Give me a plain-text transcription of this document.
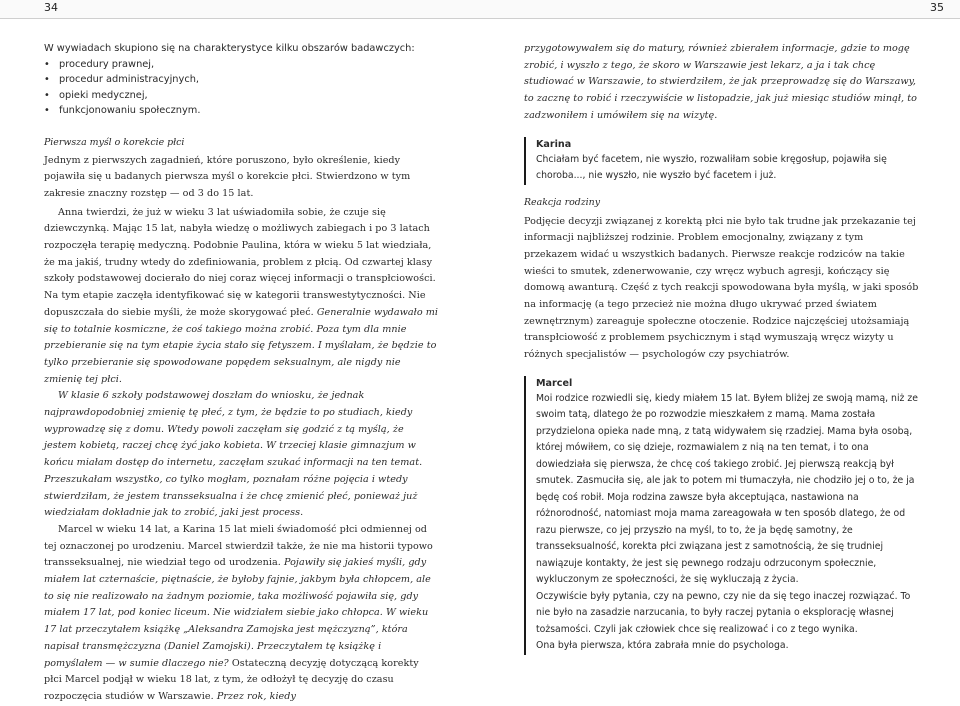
34	35

W wywiadach skupiono się na charakterystyce kilku obszarów badawczych:

• procedury prawnej,
• procedur administracyjnych,
• opieki medycznej,
• funkcjonowaniu społecznym.

Pierwsza myśl o korekcie płci

Jednym z pierwszych zagadnień, które poruszono, było określenie, kiedy pojawiła się u badanych pierwsza myśl o korekcie płci. Stwierdzono w tym zakresie znaczny rozstęp — od 3 do 15 lat.

Anna twierdzi, że już w wieku 3 lat uświadomiła sobie, że czuje się dziewczynką. Mając 15 lat, nabyła wiedzę o możliwych zabiegach i po 3 latach rozpoczęła terapię medyczną. Podobnie Paulina, która w wieku 5 lat wiedziała, że ma jakiś, trudny wtedy do zdefiniowania, problem z płcią. Od czwartej klasy szkoły podstawowej docierało do niej coraz więcej informacji o transpłciowości. Na tym etapie zaczęła identyfikować się w kategorii transwestytyczności. Nie dopuszczała do siebie myśli, że może skorygować płeć. Generalnie wydawało mi się to totalnie kosmiczne, że coś takiego można zrobić. Poza tym dla mnie przebieranie się na tym etapie życia stało się fetyszem. I myślałam, że będzie to tylko przebieranie się spowodowane popędem seksualnym, ale nigdy nie zmienię tej płci.

W klasie 6 szkoły podstawowej doszłam do wniosku, że jednak najprawdopodobniej zmienię tę płeć, z tym, że będzie to po studiach, kiedy wyprowadzę się z domu. Wtedy powoli zaczęłam się godzić z tą myślą, że jestem kobietą, raczej chcę żyć jako kobieta. W trzeciej klasie gimnazjum w końcu miałam dostęp do internetu, zaczęłam szukać informacji na ten temat. Przeszukałam wszystko, co tylko mogłam, poznałam różne pojęcia i wtedy stwierdziłam, że jestem transseksualna i że chcę zmienić płeć, ponieważ już wiedziałam dokładnie jak to zrobić, jaki jest process.

Marcel w wieku 14 lat, a Karina 15 lat mieli świadomość płci odmiennej od tej oznaczonej po urodzeniu. Marcel stwierdził także, że nie ma historii typowo transseksualnej, nie wiedział tego od urodzenia. Pojawiły się jakieś myśli, gdy miałem lat czternaście, piętnaście, że byłoby fajnie, jakbym była chłopcem, ale to się nie realizowało na żadnym poziomie, taka możliwość pojawiła się, gdy miałem 17 lat, pod koniec liceum. Nie widziałem siebie jako chłopca. W wieku 17 lat przeczytałem książkę „Aleksandra Zamojska jest mężczyzną”, która napisał transmężczyzna (Daniel Zamojski). Przeczytałem tę książkę i pomyślałem — w sumie dlaczego nie? Ostateczną decyzję dotyczącą korekty płci Marcel podjął w wieku 18 lat, z tym, że odłożył tę decyzję do czasu rozpoczęcia studiów w Warszawie. Przez rok, kiedy

przygotowywałem się do matury, również zbierałem informacje, gdzie to mogę zrobić, i wyszło z tego, że skoro w Warszawie jest lekarz, a ja i tak chcę studiować w Warszawie, to stwierdziłem, że jak przeprowadzę się do Warszawy, to zacznę to robić i rzeczywiście w listopadzie, jak już miesiąc studiów minął, to zadzwoniłem i umówiłem się na wizytę.

Karina

Chciałam być facetem, nie wyszło, rozwaliłam sobie kręgosłup, pojawiła się choroba..., nie wyszło, nie wyszło być facetem i już.

Reakcja rodziny

Podjęcie decyzji związanej z korektą płci nie było tak trudne jak przekazanie tej informacji najbliższej rodzinie. Problem emocjonalny, związany z tym przekazem widać u wszystkich badanych. Pierwsze reakcje rodziców na takie wieści to smutek, zdenerwowanie, czy wręcz wybuch agresji, kończący się domową awanturą. Część z tych reakcji spowodowana była myślą, w jaki sposób na informację (a tego przecież nie można długo ukrywać przed światem zewnętrznym) zareaguje społeczne otoczenie. Rodzice najczęściej utożsamiają transpłciowość z problemem psychicznym i stąd wymuszają wręcz wizyty u różnych specjalistów — psychologów czy psychiatrów.

Marcel

Moi rodzice rozwiedli się, kiedy miałem 15 lat. Byłem bliżej ze swoją mamą, niż ze swoim tatą, dlatego że po rozwodzie mieszkałem z mamą. Mama została przydzielona opieka nade mną, z tatą widywałem się rzadziej. Mama była osobą, której mówiłem, co się dzieje, rozmawialem z nią na ten temat, i to ona dowiedziała się pierwsza, że chcę coś takiego zrobić. Jej pierwszą reakcją był smutek. Zasmuciła się, ale jak to potem mi tłumaczyła, nie chodziło jej o to, że ja będę coś robił. Moja rodzina zawsze była akceptująca, nastawiona na różnorodność, natomiast moja mama zareagowała w ten sposób dlatego, że od razu pierwsze, co jej przyszło na myśl, to to, że ja będę samotny, że transseksualność, korekta płci związana jest z samotnością, że się trudniej nawiązuje kontakty, że jest się pewnego rodzaju odrzuconym społecznie, wykluczonym ze społeczności, że się wykluczają z życia.

Oczywiście były pytania, czy na pewno, czy nie da się tego inaczej rozwiązać. To nie było na zasadzie narzucania, to były raczej pytania o eksplorację własnej tożsamości. Czyli jak człowiek chce się realizować i co z tego wynika.

Ona była pierwsza, która zabrała mnie do psychologa.
